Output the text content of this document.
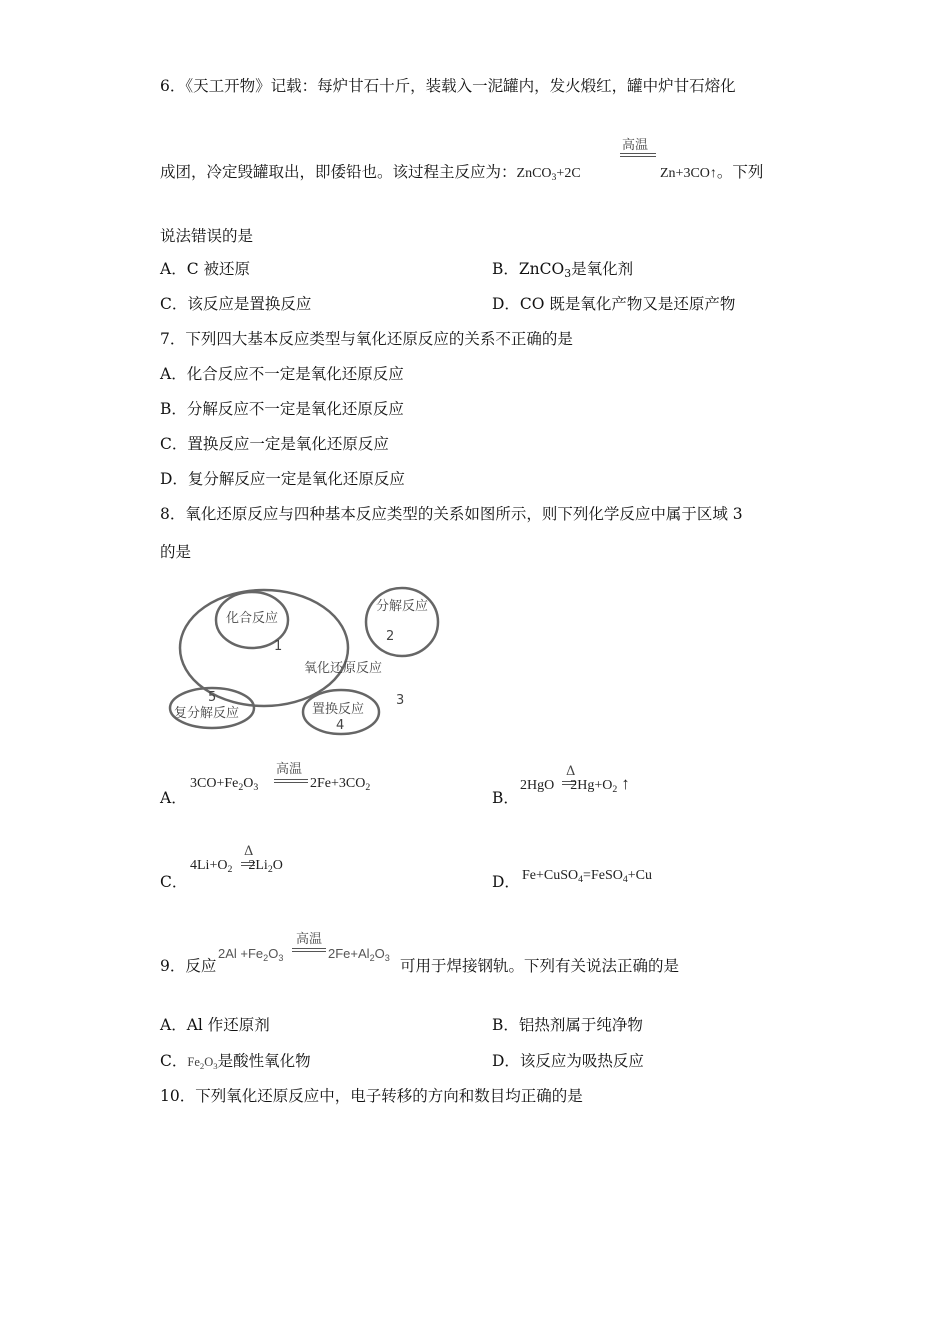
6．《天工开物》记载：每炉甘石十斤，装载入一泥罐内，发火煅红，罐中炉甘石熔化
高温
成团，冷定毁罐取出，即倭铅也。该过程主反应为：ZnCO$_3$+2C	Zn+3CO↑。下列
说法错误的是
A．C 被还原	B．ZnCO$_3$是氧化剂
C．该反应是置换反应	D．CO 既是氧化产物又是还原产物
7．下列四大基本反应类型与氧化还原反应的关系不正确的是
A．化合反应不一定是氧化还原反应
B．分解反应不一定是氧化还原反应
C．置换反应一定是氧化还原反应
D．复分解反应一定是氧化还原反应
8．氧化还原反应与四种基本反应类型的关系如图所示，则下列化学反应中属于区域 3
的是
化合反应
1
分解反应
2
氧化还原反应
3
5
复分解反应	置换反应
4
A．
高温
$3CO+Fe_2O_3$	$2Fe+3CO_2$
B．
Δ
2HgO $2Hg+O_2$ ↑
C．
Δ
$4Li+O_2$ $2Li_2O$
D． Fe+CuSO$_4$=FeSO$_4$+Cu
9．反应
高温
$2Al +Fe_2O_3$	$2Fe+Al_2O_3$ 可用于焊接钢轨。下列有关说法正确的是
A．Al 作还原剂	B．铝热剂属于纯净物
C．$Fe_2O_3$是酸性氧化物	D．该反应为吸热反应
10．下列氧化还原反应中，电子转移的方向和数目均正确的是
